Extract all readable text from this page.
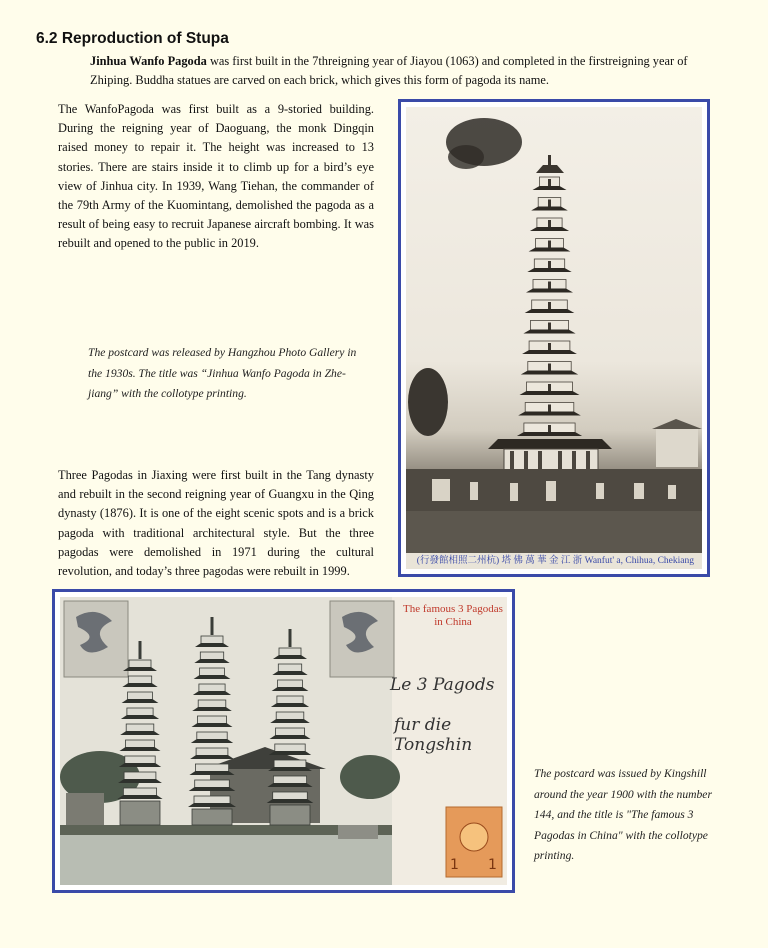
6.2 Reproduction of Stupa

Jinhua Wanfo Pagoda was first built in the 7threigning year of Jiayou (1063) and completed in the firstreigning year of Zhiping. Buddha statues are carved on each brick, which gives this form of pagoda its name.

The WanfoPagoda was first built as a 9-storied building. During the reigning year of Daoguang, the monk Dingqin raised money to repair it. The height was increased to 13 stories. There are stairs inside it to climb up for a bird’s eye view of Jinhua city. In 1939, Wang Tiehan, the commander of the 79th Army of the Kuomintang, demolished the pagoda as a result of being easy to recruit Japanese aircraft bombing. It was rebuilt and opened to the public in 2019.

The postcard was released by Hangzhou Photo Gallery in the 1930s. The title was “Jinhua Wanfo Pagoda in Zhe-jiang” with the collotype printing.

Three Pagodas in Jiaxing were first built in the Tang dynasty and rebuilt in the second reigning year of Guangxu in the Qing dynasty (1876). It is one of the eight scenic spots and is a brick pagoda with traditional architectural style. But the three pagodas were demolished in 1971 during the cultural revolution, and today’s three pagodas were rebuilt in 1999.

The postcard was issued by Kingshill around the year 1900 with the number 144, and the title is "The famous 3 Pagodas in China" with the collotype printing.

(行發館相照二州杭) 塔 佛 萬 華 金 江 浙 Wanfut' a, Chihua, Chekiang
1 1
The famous 3 Pagodas
in China
Le 3 Pagods
fur die Tongshin
